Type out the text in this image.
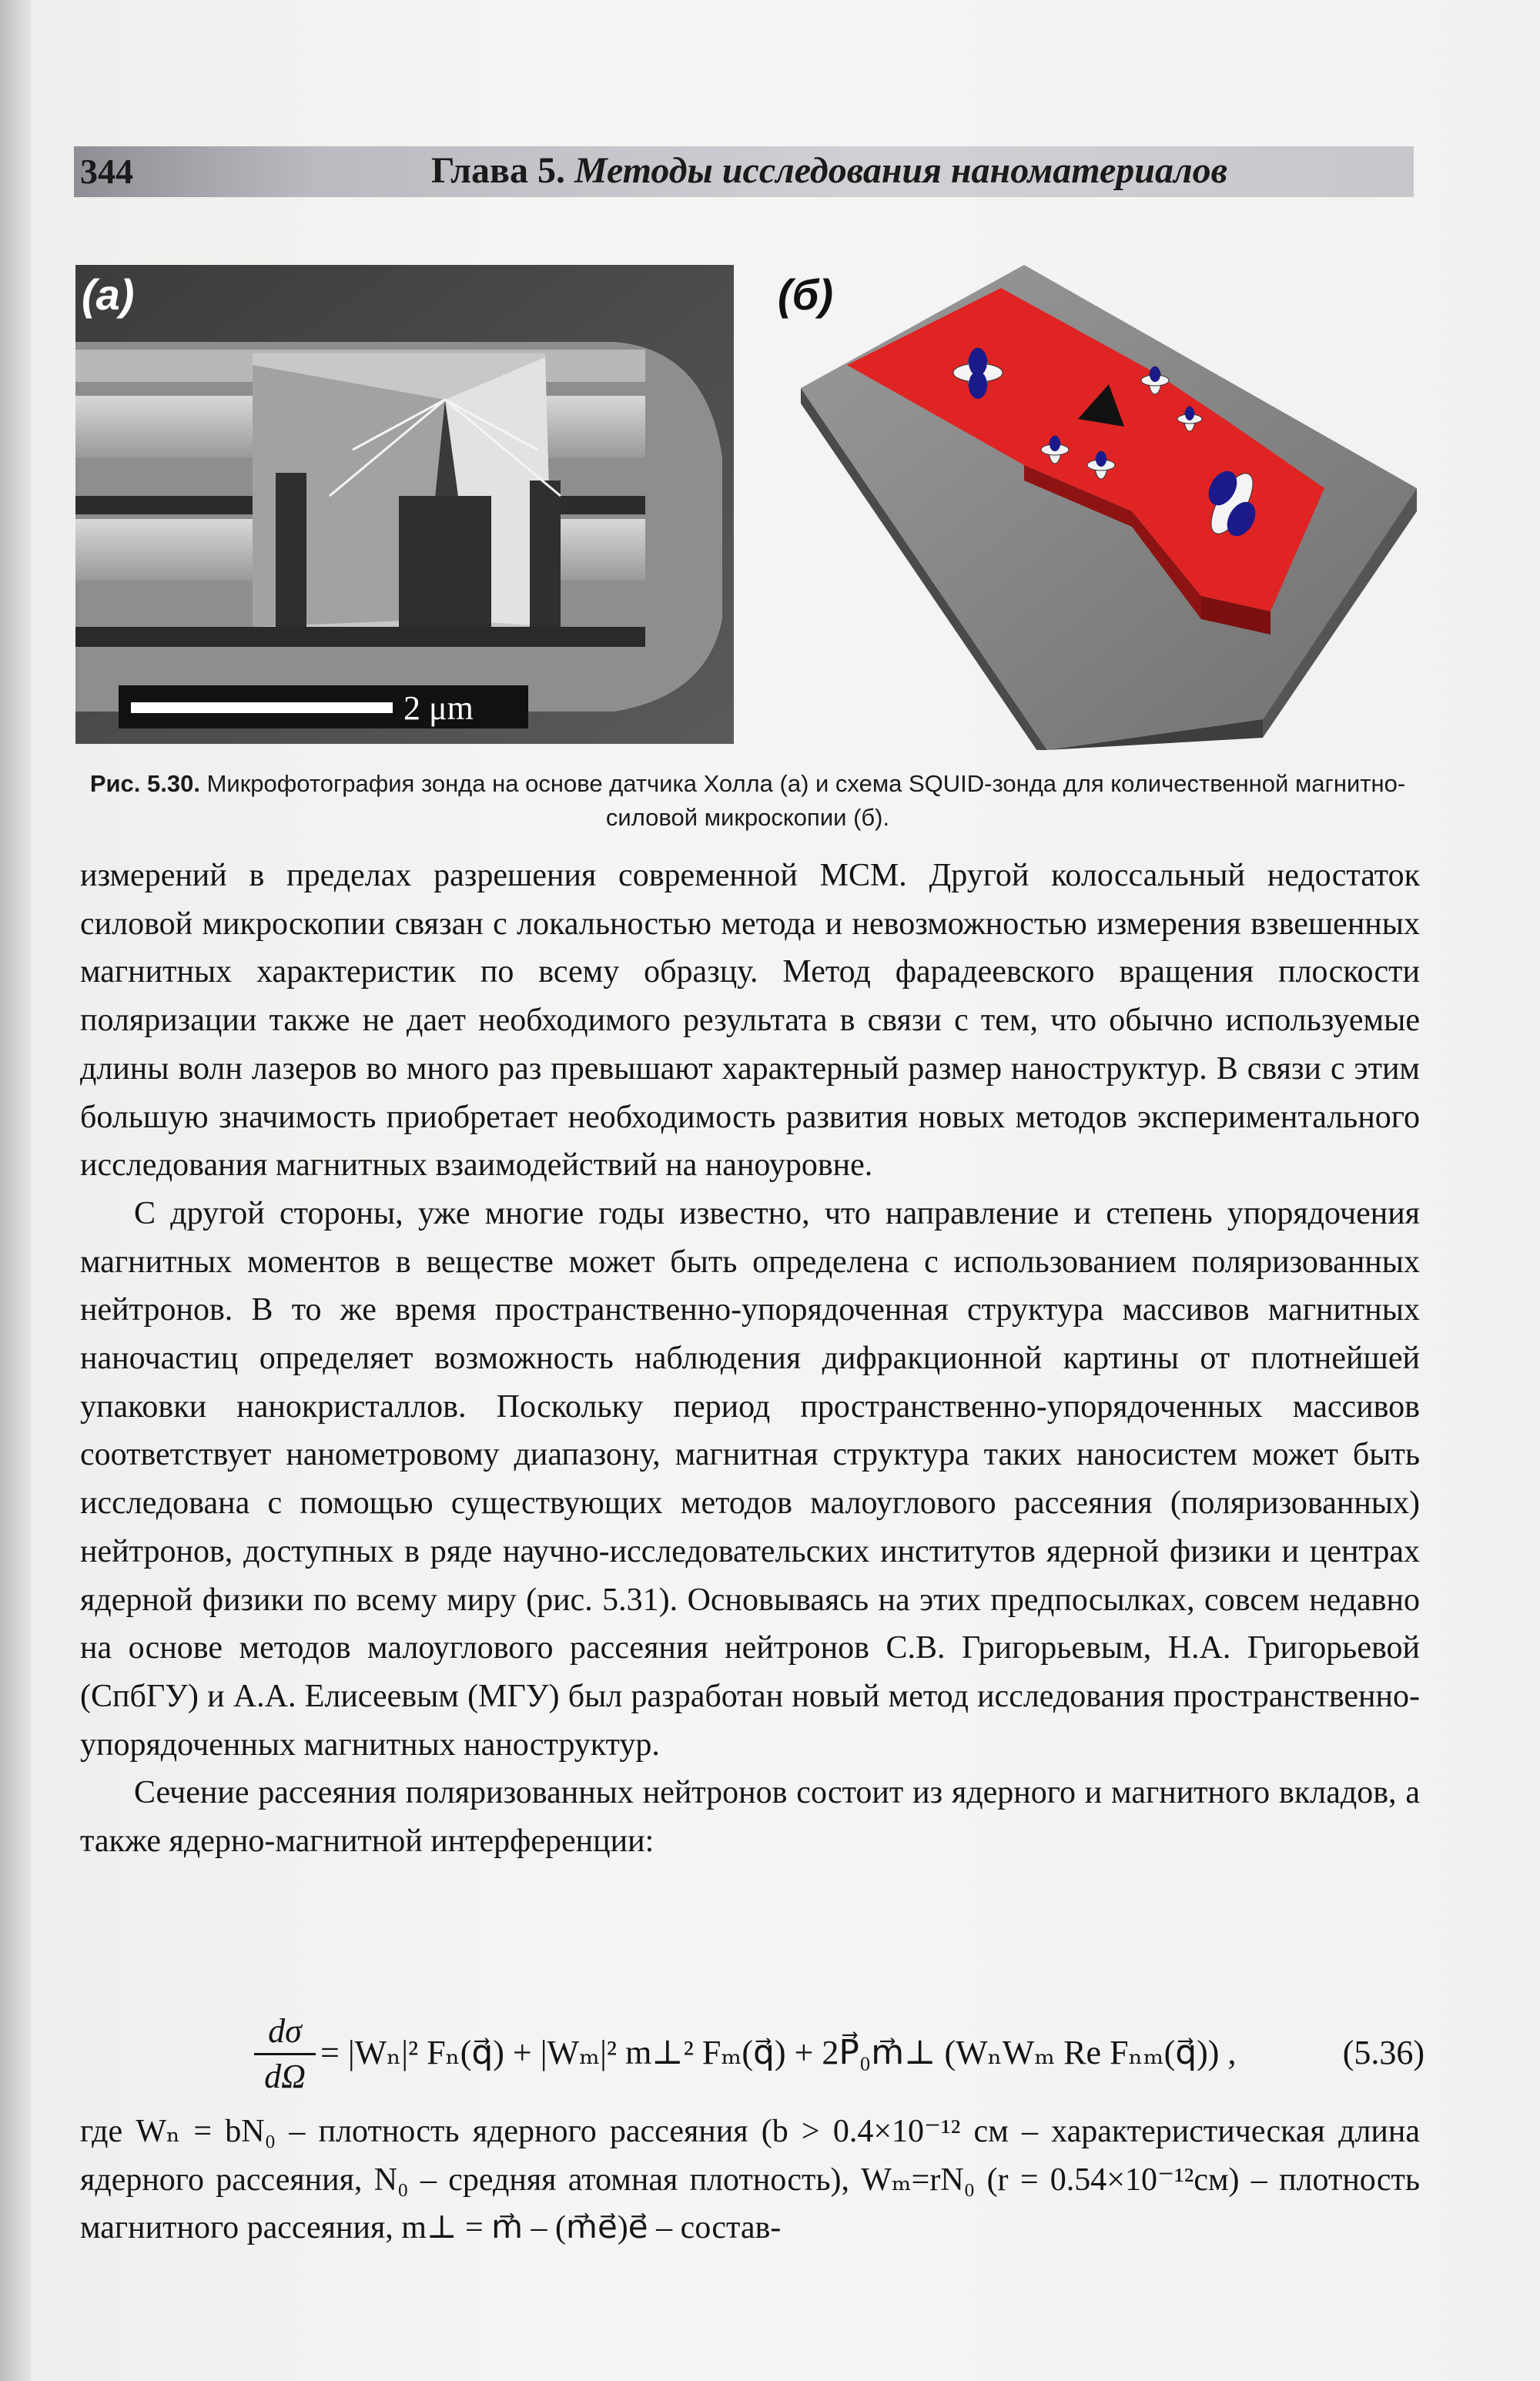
344	Глава 5. Методы исследования наноматериалов
(а)
2 μm
(б)
Рис. 5.30. Микрофотография зонда на основе датчика Холла (а) и схема SQUID-зонда для количественной магнитно-силовой микроскопии (б).

измерений в пределах разрешения современной МСМ. Другой колоссальный недостаток силовой микроскопии связан с локальностью метода и невозможностью измерения взвешенных магнитных характеристик по всему образцу. Метод фарадеевского вращения плоскости поляризации также не дает необходимого результата в связи с тем, что обычно используемые длины волн лазеров во много раз превышают характерный размер наноструктур. В связи с этим большую значимость приобретает необходимость развития новых методов экспериментального исследования магнитных взаимодействий на наноуровне.

С другой стороны, уже многие годы известно, что направление и степень упорядочения магнитных моментов в веществе может быть определена с использованием поляризованных нейтронов. В то же время пространственно-упорядоченная структура массивов магнитных наночастиц определяет возможность наблюдения дифракционной картины от плотнейшей упаковки нанокристаллов. Поскольку период пространственно-упорядоченных массивов соответствует нанометровому диапазону, магнитная структура таких наносистем может быть исследована с помощью существующих методов малоуглового рассеяния (поляризованных) нейтронов, доступных в ряде научно-исследовательских институтов ядерной физики и центрах ядерной физики по всему миру (рис. 5.31). Основываясь на этих предпосылках, совсем недавно на основе методов малоуглового рассеяния нейтронов С.В. Григорьевым, Н.А. Григорьевой (СпбГУ) и А.А. Елисеевым (МГУ) был разработан новый метод исследования пространственно-упорядоченных магнитных наноструктур.

Сечение рассеяния поляризованных нейтронов состоит из ядерного и магнитного вкладов, а также ядерно-магнитной интерференции:

dσ
dΩ
= |Wₙ|² Fₙ(q⃗) + |Wₘ|² m⊥² Fₘ(q⃗) + 2P⃗₀m⃗⊥ (WₙWₘ Re Fₙₘ(q⃗)) ,	(5.36)

где Wₙ = bN₀ – плотность ядерного рассеяния (b > 0.4×10⁻¹² см – характеристическая длина ядерного рассеяния, N₀ – средняя атомная плотность), Wₘ=rN₀ (r = 0.54×10⁻¹²см) – плотность магнитного рассеяния, m⊥ = m⃗ – (m⃗e⃗)e⃗ – состав-
